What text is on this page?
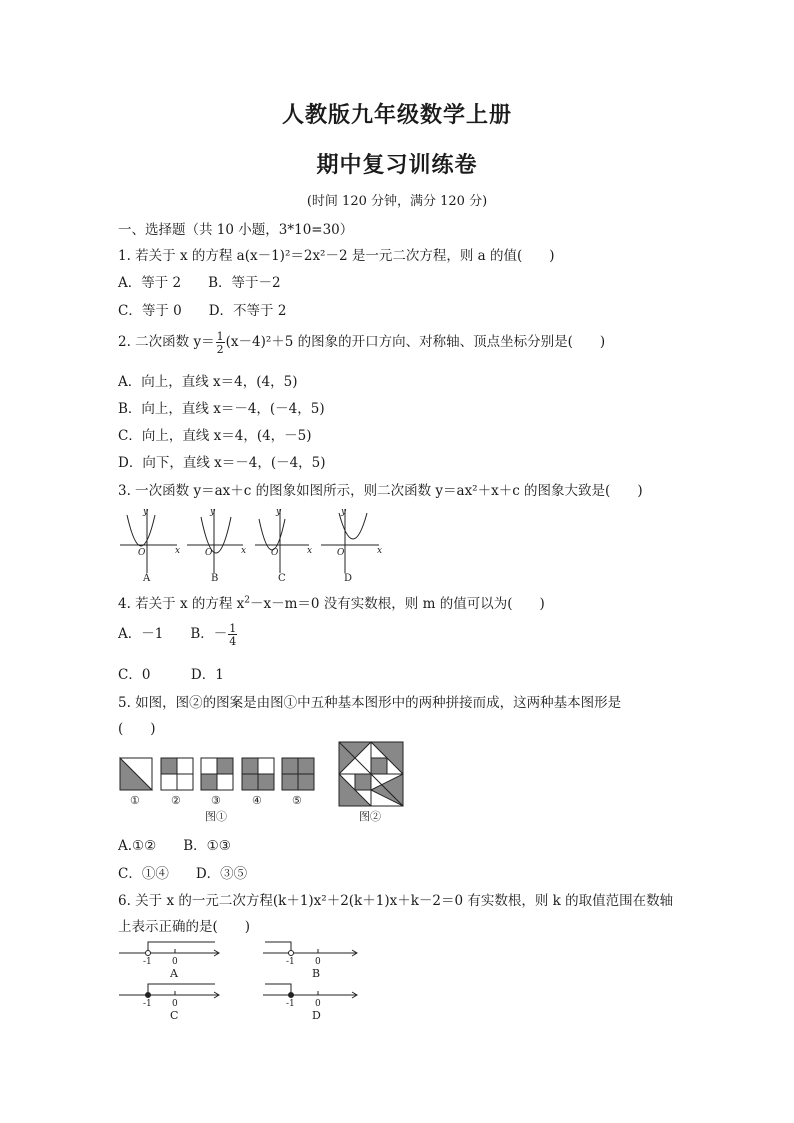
人教版九年级数学上册
期中复习训练卷
(时间 120 分钟，满分 120 分)
一、选择题（共 10 小题，3*10=30）
1. 若关于 x 的方程 a(x－1)²＝2x²－2 是一元二次方程，则 a 的值(　　)
A．等于 2　　B．等于－2
C．等于 0　　D．不等于 2
2. 二次函数 $y= \frac{1}{2} (x-4)^2+5$ 的图象的开口方向、对称轴、顶点坐标分别是(　　)
A．向上，直线 x＝4，(4，5)
B．向上，直线 x＝－4，(－4，5)
C．向上，直线 x＝4，(4，－5)
D．向下，直线 x＝－4，(－4，5)
3. 一次函数 y＝ax＋c 的图象如图所示，则二次函数 y＝ax²＋x＋c 的图象大致是(　　)
y
x
O
y
x
O
y
x
O
y
x
O
A	B	C	D
4. 若关于 x 的方程 $x^2-x-m=0$ 没有实数根，则 m 的值可以为(　　)
A．－1　　B．－ $\frac{1}{4}$
C．0　　　D．1
5. 如图，图②的图案是由图①中五种基本图形中的两种拼接而成，这两种基本图形是
(　　)
①	②	③	④	⑤
图①	图②
A.①②　　B．①③
C．①④　　D．③⑤
6. 关于 x 的一元二次方程(k＋1)x²＋2(k＋1)x＋k－2＝0 有实数根，则 k 的取值范围在数轴
上表示正确的是(　　)
-1 0	-1 0
-1 0	-1 0
A	B
C	D
